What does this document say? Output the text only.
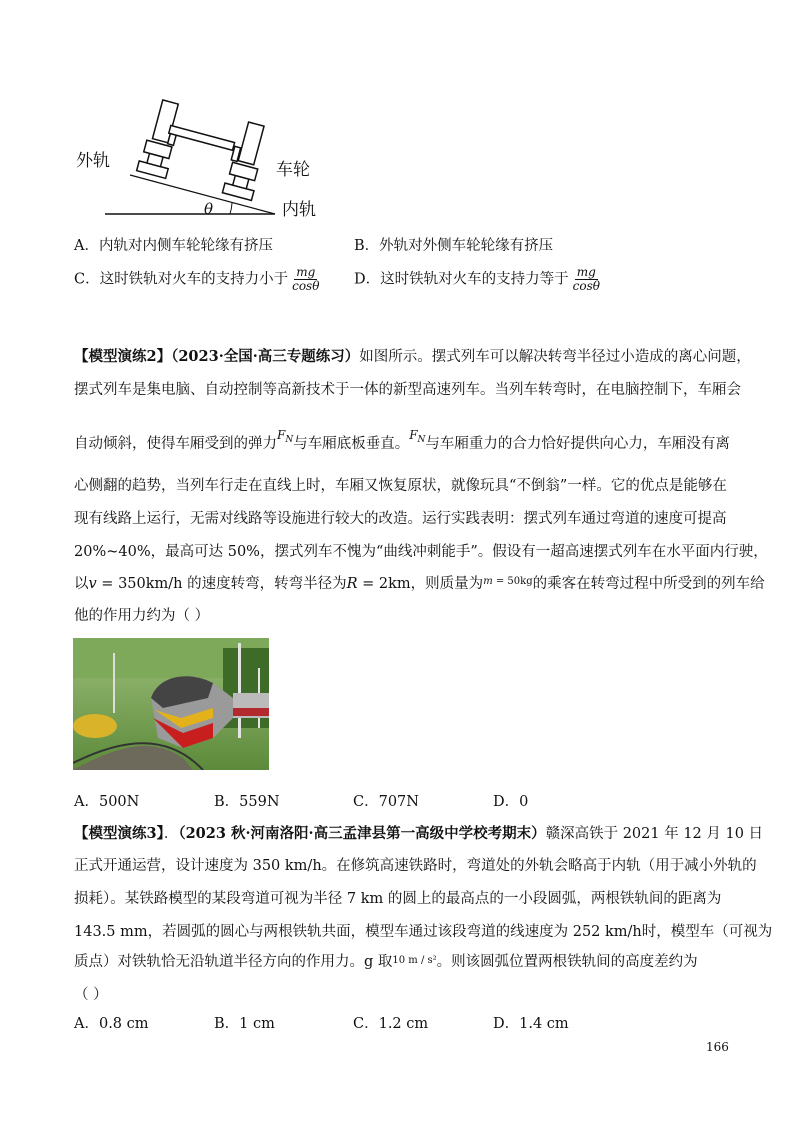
外轨	车轮
内轨
θ
A．内轨对内侧车轮轮缘有挤压	B．外轨对外侧车轮轮缘有挤压
C．这时铁轨对火车的支持力小于 $\frac{mg}{\cos\theta}$ D．这时铁轨对火车的支持力等于 $\frac{mg}{\cos\theta}$
【模型演练2】（2023·全国·高三专题练习）如图所示。摆式列车可以解决转弯半径过小造成的离心问题，
摆式列车是集电脑、自动控制等高新技术于一体的新型高速列车。当列车转弯时，在电脑控制下，车厢会
自动倾斜，使得车厢受到的弹力$^{F_N}$与车厢底板垂直。$^{F_N}$与车厢重力的合力恰好提供向心力，车厢没有离
心侧翻的趋势，当列车行走在直线上时，车厢又恢复原状，就像玩具“不倒翁”一样。它的优点是能够在
现有线路上运行，无需对线路等设施进行较大的改造。运行实践表明：摆式列车通过弯道的速度可提高
20%~40%，最高可达 50%，摆式列车不愧为“曲线冲刺能手”。假设有一超高速摆式列车在水平面内行驶，
以v = 350km/h 的速度转弯，转弯半径为R = 2km，则质量为$^m$ $^{= 50kg}$的乘客在转弯过程中所受到的列车给
他的作用力约为（ ）
A．500N	B．559N	C．707N	D．0
【模型演练3】．（2023 秋·河南洛阳·高三孟津县第一高级中学校考期末）赣深高铁于 2021 年 12 月 10 日
正式开通运营，设计速度为 350 km/h。在修筑高速铁路时，弯道处的外轨会略高于内轨（用于减小外轨的
损耗）。某铁路模型的某段弯道可视为半径 7 km 的圆上的最高点的一小段圆弧，两根铁轨间的距离为
143.5 mm，若圆弧的圆心与两根铁轨共面，模型车通过该段弯道的线速度为 252 km/h时，模型车（可视为
质点）对铁轨恰无沿轨道半径方向的作用力。g 取$^{10 m / s^2}$。则该圆弧位置两根铁轨间的高度差约为
（ ）
A．0.8 cm	B．1 cm	C．1.2 cm	D．1.4 cm
166
